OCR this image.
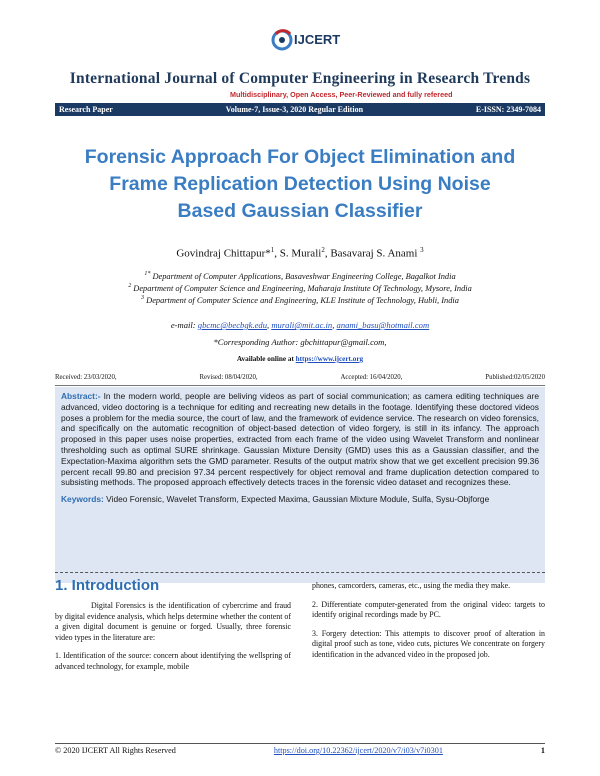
IJCERT
International Journal of Computer Engineering in Research Trends
Multidisciplinary, Open Access, Peer-Reviewed and fully refereed
Research Paper	Volume-7, Issue-3, 2020 Regular Edition	E-ISSN: 2349-7084
Forensic Approach For Object Elimination and
Frame Replication Detection Using Noise
Based Gaussian Classifier
Govindraj Chittapur*$^1$, S. Murali$^2$, Basavaraj S. Anami $^3$
$^{1*}$ Department of Computer Applications, Basaveshwar Engineering College, Bagalkot India
$^2$ Department of Computer Science and Engineering, Maharaja Institute Of Technology, Mysore, India
$^3$ Department of Computer Science and Engineering, KLE Institute of Technology, Hubli, India
e-mail: gbcmc@becbgk.edu, murali@mit.ac.in, anami_basu@hotmail.com
*Corresponding Author: gbchittapur@gmail.com,
Available online at https://www.ijcert.org
Received: 23/03/2020,	Revised: 08/04/2020,	Accepted: 16/04/2020,	Published:02/05/2020
Abstract:- In the modern world, people are beliving videos as part of social communication; as camera editing techniques are advanced, video doctoring is a technique for editing and recreating new details in the footage. Identifying these doctored videos poses a problem for the media source, the court of law, and the framework of evidence service. The research on video forensics, and specifically on the automatic recognition of object-based detection of video forgery, is still in its infancy. The approach proposed in this paper uses noise properties, extracted from each frame of the video using Wavelet Transform and nonlinear thresholding such as optimal SURE shrinkage. Gaussian Mixture Density (GMD) uses this as a Gaussian classifier, and the Expectation-Maxima algorithm sets the GMD parameter. Results of the output matrix show that we get excellent precision 99.36 percent recall 99.80 and precision 97.34 percent respectively for object removal and frame duplication detection compared to subsisting methods. The proposed approach effectively detects traces in the forensic video dataset and recognizes these.
Keywords: Video Forensic, Wavelet Transform, Expected Maxima, Gaussian Mixture Module, Sulfa, Sysu-Objforge
1. Introduction

Digital Forensics is the identification of cybercrime and fraud by digital evidence analysis, which helps determine whether the content of a given digital document is genuine or forged. Usually, three forensic video types in the literature are:

1. Identification of the source: concern about identifying the wellspring of advanced technology, for example, mobile

phones, camcorders, cameras, etc., using the media they make.

2. Differentiate computer-generated from the original video: targets to identify original recordings made by PC.

3. Forgery detection: This attempts to discover proof of alteration in digital proof such as tone, video cuts, pictures We concentrate on forgery identification in the advanced video in the proposed job.

© 2020 IJCERT All Rights Reserved	https://doi.org/10.22362/ijcert/2020/v7/i03/v7i0301	1
